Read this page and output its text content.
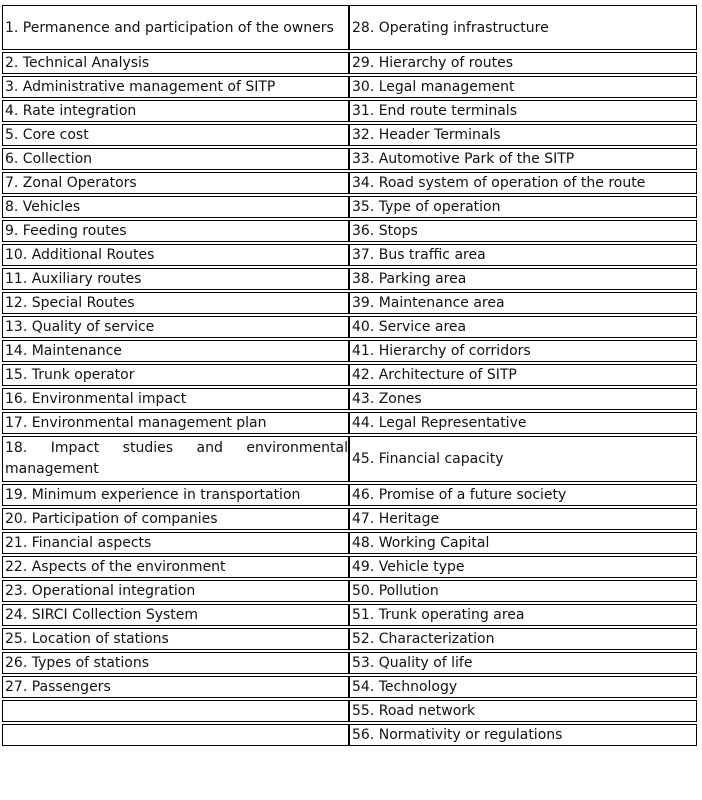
1. Permanence and participation of the owners	28. Operating infrastructure
2. Technical Analysis	29. Hierarchy of routes
3. Administrative management of SITP	30. Legal management
4. Rate integration	31. End route terminals
5. Core cost	32. Header Terminals
6. Collection	33. Automotive Park of the SITP
7. Zonal Operators	34. Road system of operation of the route
8. Vehicles	35. Type of operation
9. Feeding routes	36. Stops
10. Additional Routes	37. Bus traffic area
11. Auxiliary routes	38. Parking area
12. Special Routes	39. Maintenance area
13. Quality of service	40. Service area
14. Maintenance	41. Hierarchy of corridors
15. Trunk operator	42. Architecture of SITP
16. Environmental impact	43. Zones
17. Environmental management plan	44. Legal Representative
18. Impact studies and environmental management	45. Financial capacity
19. Minimum experience in transportation	46. Promise of a future society
20. Participation of companies	47. Heritage
21. Financial aspects	48. Working Capital
22. Aspects of the environment	49. Vehicle type
23. Operational integration	50. Pollution
24. SIRCI Collection System	51. Trunk operating area
25. Location of stations	52. Characterization
26. Types of stations	53. Quality of life
27. Passengers	54. Technology
	55. Road network
	56. Normativity or regulations
